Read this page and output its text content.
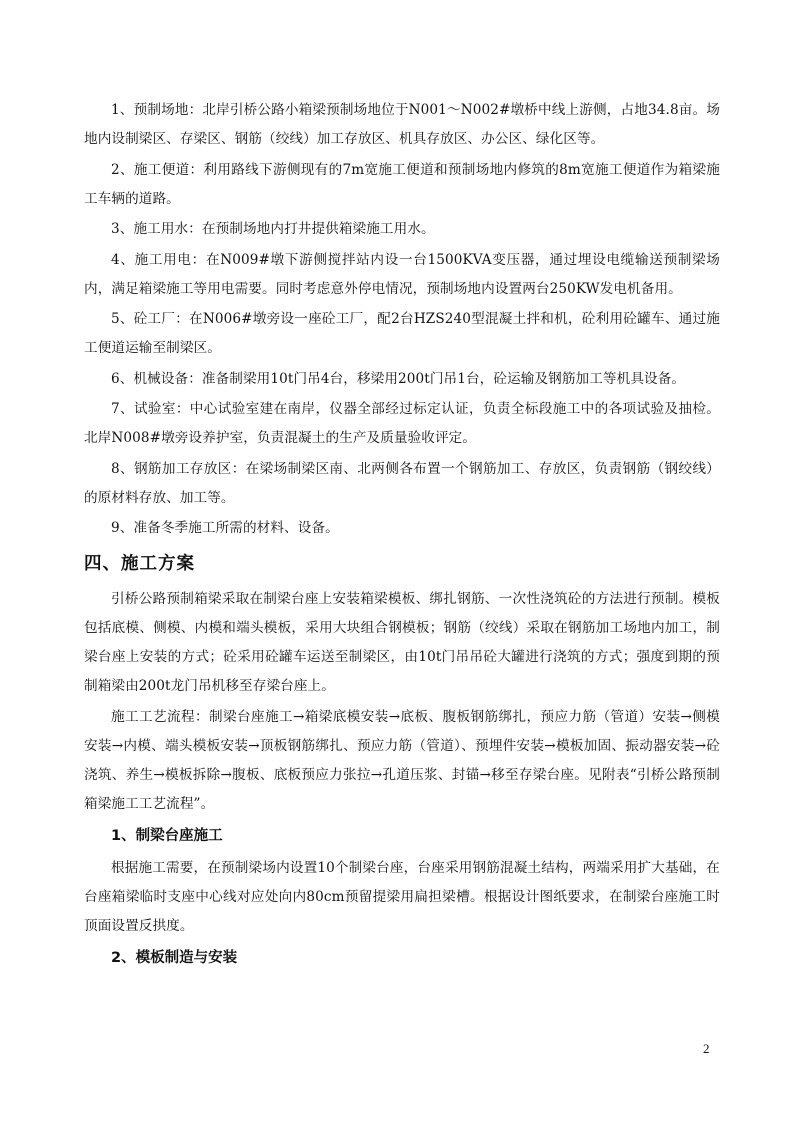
1、预制场地：北岸引桥公路小箱梁预制场地位于N001～N002#墩桥中线上游侧，占地34.8亩。场地内设制梁区、存梁区、钢筋（绞线）加工存放区、机具存放区、办公区、绿化区等。

2、施工便道：利用路线下游侧现有的7m宽施工便道和预制场地内修筑的8m宽施工便道作为箱梁施工车辆的道路。

3、施工用水：在预制场地内打井提供箱梁施工用水。

4、施工用电：在N009#墩下游侧搅拌站内设一台1500KVA变压器，通过埋设电缆输送预制梁场内，满足箱梁施工等用电需要。同时考虑意外停电情况，预制场地内设置两台250KW发电机备用。

5、砼工厂：在N006#墩旁设一座砼工厂，配2台HZS240型混凝土拌和机，砼利用砼罐车、通过施工便道运输至制梁区。

6、机械设备：准备制梁用10t门吊4台，移梁用200t门吊1台，砼运输及钢筋加工等机具设备。

7、试验室：中心试验室建在南岸，仪器全部经过标定认证，负责全标段施工中的各项试验及抽检。北岸N008#墩旁设养护室，负责混凝土的生产及质量验收评定。

8、钢筋加工存放区：在梁场制梁区南、北两侧各布置一个钢筋加工、存放区，负责钢筋（钢绞线）的原材料存放、加工等。

9、准备冬季施工所需的材料、设备。

四、施工方案

引桥公路预制箱梁采取在制梁台座上安装箱梁模板、绑扎钢筋、一次性浇筑砼的方法进行预制。模板包括底模、侧模、内模和端头模板，采用大块组合钢模板；钢筋（绞线）采取在钢筋加工场地内加工，制梁台座上安装的方式；砼采用砼罐车运送至制梁区，由10t门吊吊砼大罐进行浇筑的方式；强度到期的预制箱梁由200t龙门吊机移至存梁台座上。

施工工艺流程：制梁台座施工→箱梁底模安装→底板、腹板钢筋绑扎，预应力筋（管道）安装→侧模安装→内模、端头模板安装→顶板钢筋绑扎、预应力筋（管道）、预埋件安装→模板加固、振动器安装→砼浇筑、养生→模板拆除→腹板、底板预应力张拉→孔道压浆、封锚→移至存梁台座。见附表“引桥公路预制箱梁施工工艺流程”。

1、制梁台座施工

根据施工需要，在预制梁场内设置10个制梁台座，台座采用钢筋混凝土结构，两端采用扩大基础，在台座箱梁临时支座中心线对应处向内80cm预留提梁用扁担梁槽。根据设计图纸要求，在制梁台座施工时顶面设置反拱度。

2、模板制造与安装
2
